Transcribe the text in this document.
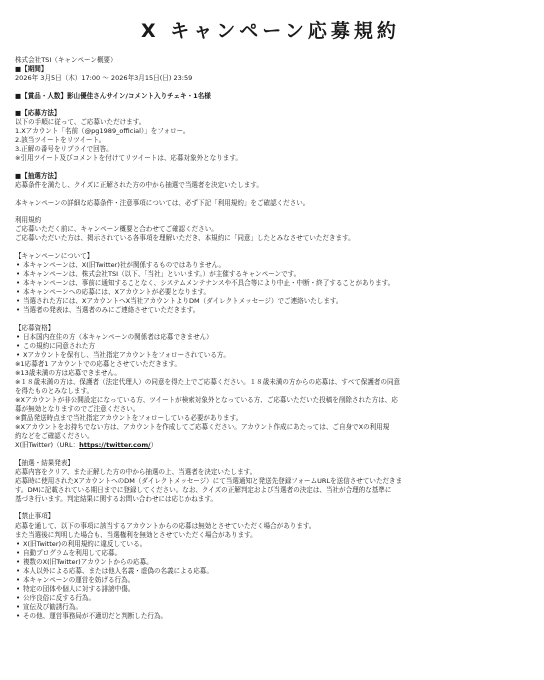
X キャンペーン応募規約
株式会社TSI（キャンペーン概要）
■【期間】
2026年 3月5日（木）17:00 ～ 2026年3月15日(日) 23:59
■【賞品・人数】影山優佳さんサイン/コメント入りチェキ・1名様
■【応募方法】
以下の手順に従って、ご応募いただけます。
1.Xアカウント「名前（@pg1989_official）」をフォロー。
2.該当ツイートをリツイート。
3.正解の番号をリプライで回答。
※引用ツイート及びコメントを付けてリツイートは、応募対象外となります。
■【抽選方法】
応募条件を満たし、クイズに正解された方の中から抽選で当選者を決定いたします。
本キャンペーンの詳細な応募条件・注意事項については、必ず下記「利用規約」をご確認ください。
利用規約
ご応募いただく前に、キャンペーン概要と合わせてご確認ください。
ご応募いただいた方は、掲示されている各事項を理解いただき、本規約に「同意」したとみなさせていただきます。
【キャンペーンについて】
• 本キャンペーンは、X(旧Twitter)社が関係するものではありません。
• 本キャンペーンは、株式会社TSI（以下、「当社」といいます。）が主催するキャンペーンです。
• 本キャンペーンは、事前に通知することなく、システムメンテナンスや不具合等により中止・中断・終了することがあります。
• 本キャンペーンへの応募には、Xアカウントが必要となります。
• 当選された方には、XアカウントへX当社アカウントよりDM（ダイレクトメッセージ）でご連絡いたします。
• 当選者の発表は、当選者のみにご連絡させていただきます。
【応募資格】
• 日本国内在住の方（本キャンペーンの関係者は応募できません）
• この規約に同意された方
• Xアカウントを保有し、当社指定アカウントをフォローされている方。
※1応募者1 アカウントでの応募とさせていただきます。
※13歳未満の方は応募できません。
※１８歳未満の方は、保護者（法定代理人）の同意を得た上でご応募ください。１８歳未満の方からの応募は、すべて保護者の同意
を得たものとみなします。
※Xアカウントが非公開設定になっている方、ツイートが検索対象外となっている方、ご応募いただいた投稿を削除された方は、応
募が無効となりますのでご注意ください。
※賞品発送時点まで当社指定アカウントをフォローしている必要があります。
※Xアカウントをお持ちでない方は、アカウントを作成してご応募ください。アカウント作成にあたっては、ご自身でXの利用規
約などをご確認ください。
X(旧Twitter)（URL：https://twitter.com/）
【抽選・結果発表】
応募内容をクリア、また正解した方の中から抽選の上、当選者を決定いたします。
応募時に使用されたXアカウントへのDM（ダイレクトメッセージ）にて当選通知と発送先登録フォームURLを送信させていただきま
す。DMに記載されている期日までに登録してください。なお、クイズの正解判定および当選者の決定は、当社が合理的な基準に
基づき行います。判定結果に関するお問い合わせには応じかねます。
【禁止事項】
応募を通して、以下の事項に該当するアカウントからの応募は無効とさせていただく場合があります。
また当選後に判明した場合も、当選権利を無効とさせていただく場合があります。
• X(旧Twitter)の利用規約に違反している。
• 自動プログラムを利用して応募。
• 複数のX(旧Twitter)アカウントからの応募。
• 本人以外による応募、または他人名義・虚偽の名義による応募。
• 本キャンペーンの運営を妨げる行為。
• 特定の団体や個人に対する誹謗中傷。
• 公序良俗に反する行為。
• 宣伝及び勧誘行為。
• その他、運営事務局が不適切だと判断した行為。
